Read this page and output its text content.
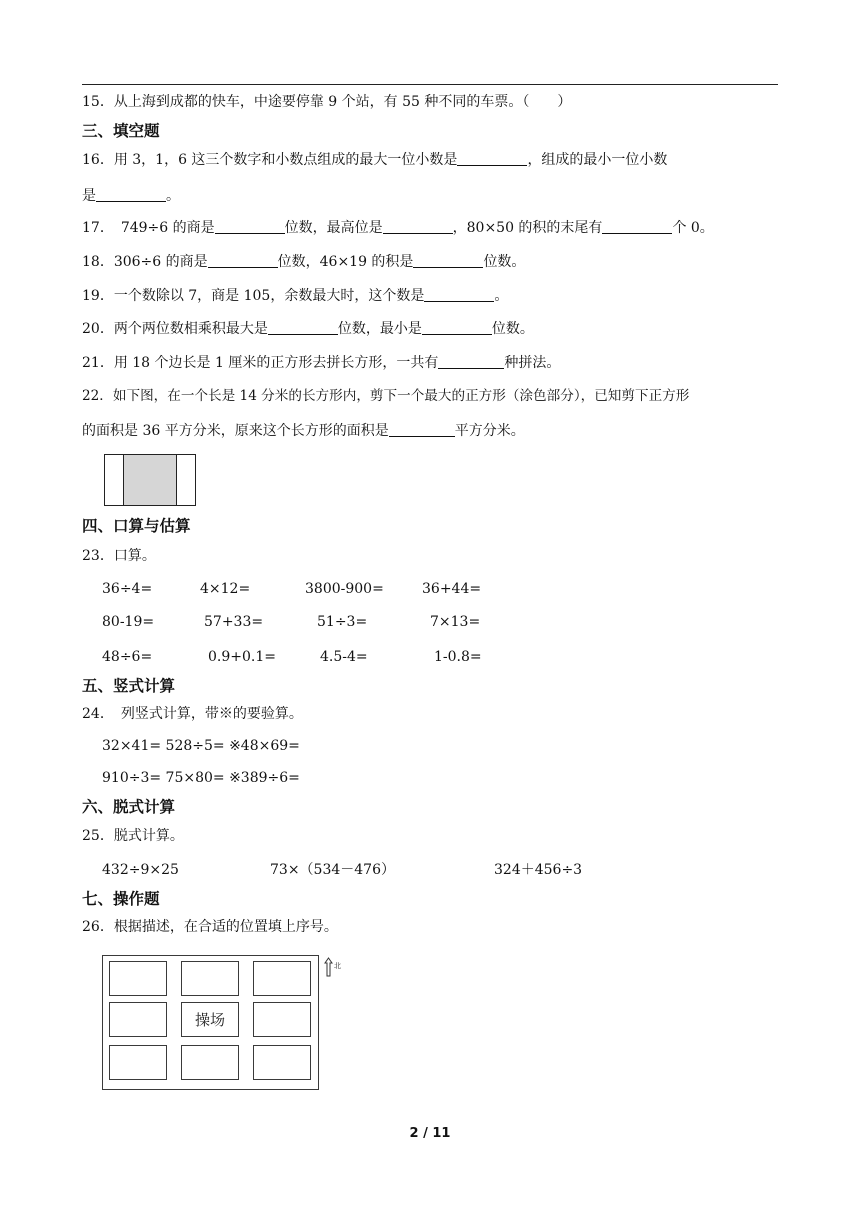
15．从上海到成都的快车，中途要停靠 9 个站，有 55 种不同的车票。（　　）
三、填空题
16．用 3，1，6 这三个数字和小数点组成的最大一位小数是	，组成的最小一位小数
是	。
17．　749÷6 的商是	位数，最高位是	，80×50 的积的末尾有	个 0。
18．306÷6 的商是	位数，46×19 的积是	位数。
19．一个数除以 7，商是 105，余数最大时，这个数是	。
20．两个两位数相乘积最大是	位数，最小是	位数。
21．用 18 个边长是 1 厘米的正方形去拼长方形，一共有	种拼法。
22．如下图，在一个长是 14 分米的长方形内，剪下一个最大的正方形（涂色部分），已知剪下正方形
的面积是 36 平方分米，原来这个长方形的面积是	平方分米。
四、口算与估算
23．口算。
36÷4=	4×12=	3800-900=	36+44=
80-19=	57+33=	51÷3=	7×13=
48÷6=	0.9+0.1=	4.5-4=	1-0.8=
五、竖式计算
24．　列竖式计算，带※的要验算。
32×41= 528÷5= ※48×69=
910÷3= 75×80= ※389÷6=
六、脱式计算
25．脱式计算。
432÷9×25	73×（534－476）	324＋456÷3
七、操作题
26．根据描述，在合适的位置填上序号。
操场
北
2 / 11
